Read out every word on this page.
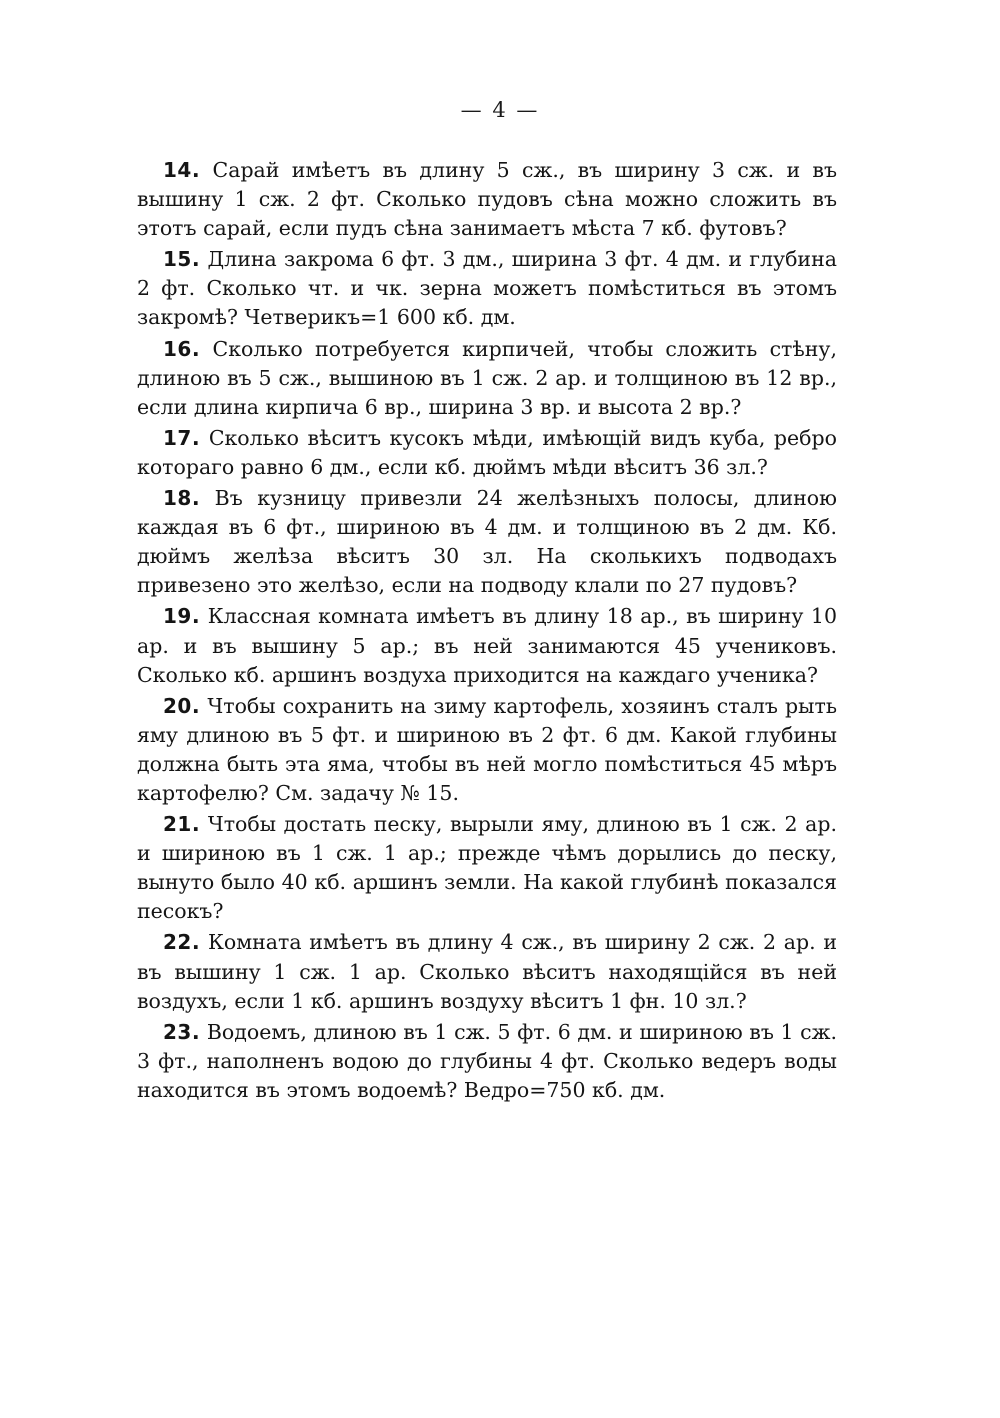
— 4 —

14. Сарай имѣетъ въ длину 5 сж., въ ширину 3 сж. и въ вышину 1 сж. 2 фт. Сколько пудовъ сѣна можно сложить въ этотъ сарай, если пудъ сѣна занимаетъ мѣста 7 кб. футовъ?

15. Длина закрома 6 фт. 3 дм., ширина 3 фт. 4 дм. и глубина 2 фт. Сколько чт. и чк. зерна можетъ помѣститься въ этомъ закромѣ? Четверикъ=1 600 кб. дм.

16. Сколько потребуется кирпичей, чтобы сложить стѣну, длиною въ 5 сж., вышиною въ 1 сж. 2 ар. и толщиною въ 12 вр., если длина кирпича 6 вр., ширина 3 вр. и высота 2 вр.?

17. Сколько вѣситъ кусокъ мѣди, имѣющій видъ куба, ребро котораго равно 6 дм., если кб. дюймъ мѣди вѣситъ 36 зл.?

18. Въ кузницу привезли 24 желѣзныхъ полосы, длиною каждая въ 6 фт., шириною въ 4 дм. и толщиною въ 2 дм. Кб. дюймъ желѣза вѣситъ 30 зл. На сколькихъ подводахъ привезено это желѣзо, если на подводу клали по 27 пудовъ?

19. Классная комната имѣетъ въ длину 18 ар., въ ширину 10 ар. и въ вышину 5 ар.; въ ней занимаются 45 учениковъ. Сколько кб. аршинъ воздуха приходится на каждаго ученика?

20. Чтобы сохранить на зиму картофель, хозяинъ сталъ рыть яму длиною въ 5 фт. и шириною въ 2 фт. 6 дм. Какой глубины должна быть эта яма, чтобы въ ней могло помѣститься 45 мѣръ картофелю? См. задачу № 15.

21. Чтобы достать песку, вырыли яму, длиною въ 1 сж. 2 ар. и шириною въ 1 сж. 1 ар.; прежде чѣмъ дорылись до песку, вынуто было 40 кб. аршинъ земли. На какой глубинѣ показался песокъ?

22. Комната имѣетъ въ длину 4 сж., въ ширину 2 сж. 2 ар. и въ вышину 1 сж. 1 ар. Сколько вѣситъ находящійся въ ней воздухъ, если 1 кб. аршинъ воздуху вѣситъ 1 фн. 10 зл.?

23. Водоемъ, длиною въ 1 сж. 5 фт. 6 дм. и шириною въ 1 сж. 3 фт., наполненъ водою до глубины 4 фт. Сколько ведеръ воды находится въ этомъ водоемѣ? Ведро=750 кб. дм.
